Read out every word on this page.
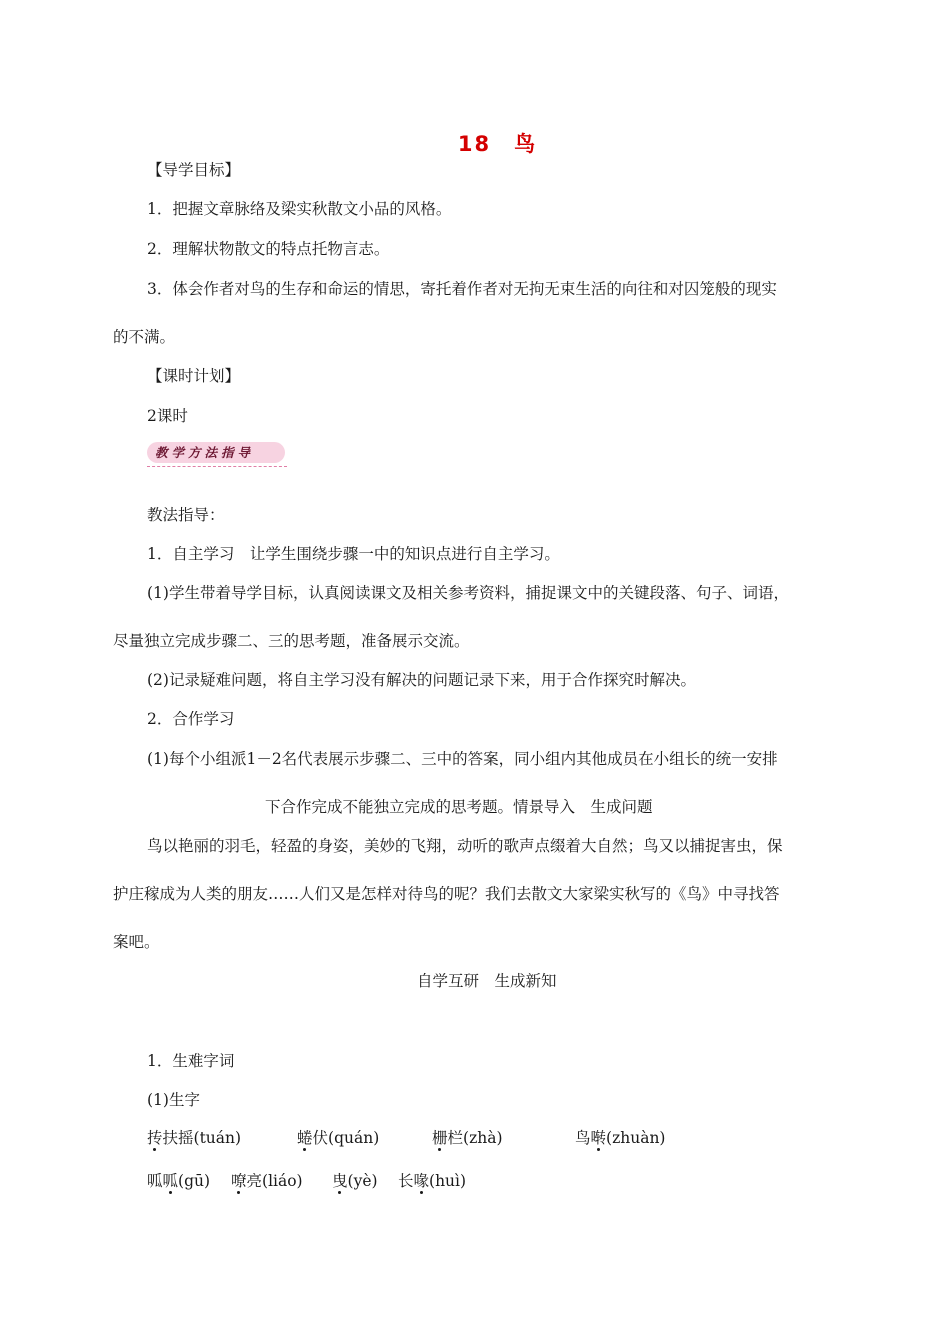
18　鸟
【导学目标】
1．把握文章脉络及梁实秋散文小品的风格。
2．理解状物散文的特点托物言志。
3．体会作者对鸟的生存和命运的情思，寄托着作者对无拘无束生活的向往和对囚笼般的现实
的不满。
【课时计划】
2课时
教学方法指导
教法指导：
1．自主学习　让学生围绕步骤一中的知识点进行自主学习。
(1)学生带着导学目标，认真阅读课文及相关参考资料，捕捉课文中的关键段落、句子、词语，
尽量独立完成步骤二、三的思考题，准备展示交流。
(2)记录疑难问题，将自主学习没有解决的问题记录下来，用于合作探究时解决。
2．合作学习
(1)每个小组派1－2名代表展示步骤二、三中的答案，同小组内其他成员在小组长的统一安排
下合作完成不能独立完成的思考题。情景导入　生成问题
鸟以艳丽的羽毛，轻盈的身姿，美妙的飞翔，动听的歌声点缀着大自然；鸟又以捕捉害虫，保
护庄稼成为人类的朋友……人们又是怎样对待鸟的呢？我们去散文大家梁实秋写的《鸟》中寻找答
案吧。
自学互研　生成新知
1．生难字词
(1)生字
抟扶摇(tuán)	蜷伏(quán)	栅栏(zhà)	鸟啭(zhuàn)
呱呱(gū) 嘹亮(liáo) 曳(yè) 长喙(huì)
